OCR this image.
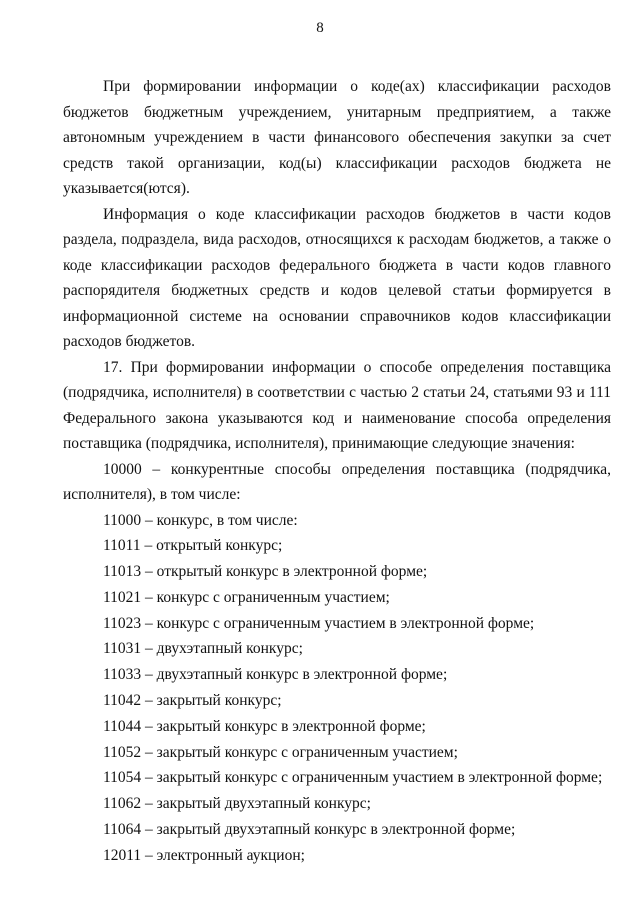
8

При формировании информации о коде(ах) классификации расходов бюджетов бюджетным учреждением, унитарным предприятием, а также автономным учреждением в части финансового обеспечения закупки за счет средств такой организации, код(ы) классификации расходов бюджета не указывается(ются).

Информация о коде классификации расходов бюджетов в части кодов раздела, подраздела, вида расходов, относящихся к расходам бюджетов, а также о коде классификации расходов федерального бюджета в части кодов главного распорядителя бюджетных средств и кодов целевой статьи формируется в информационной системе на основании справочников кодов классификации расходов бюджетов.

17. При формировании информации о способе определения поставщика (подрядчика, исполнителя) в соответствии с частью 2 статьи 24, статьями 93 и 111 Федерального закона указываются код и наименование способа определения поставщика (подрядчика, исполнителя), принимающие следующие значения:

10000 – конкурентные способы определения поставщика (подрядчика, исполнителя), в том числе:

11000 – конкурс, в том числе:
11011 – открытый конкурс;
11013 – открытый конкурс в электронной форме;
11021 – конкурс с ограниченным участием;
11023 – конкурс с ограниченным участием в электронной форме;
11031 – двухэтапный конкурс;
11033 – двухэтапный конкурс в электронной форме;
11042 – закрытый конкурс;
11044 – закрытый конкурс в электронной форме;
11052 – закрытый конкурс с ограниченным участием;
11054 – закрытый конкурс с ограниченным участием в электронной форме;
11062 – закрытый двухэтапный конкурс;
11064 – закрытый двухэтапный конкурс в электронной форме;
12011 – электронный аукцион;
